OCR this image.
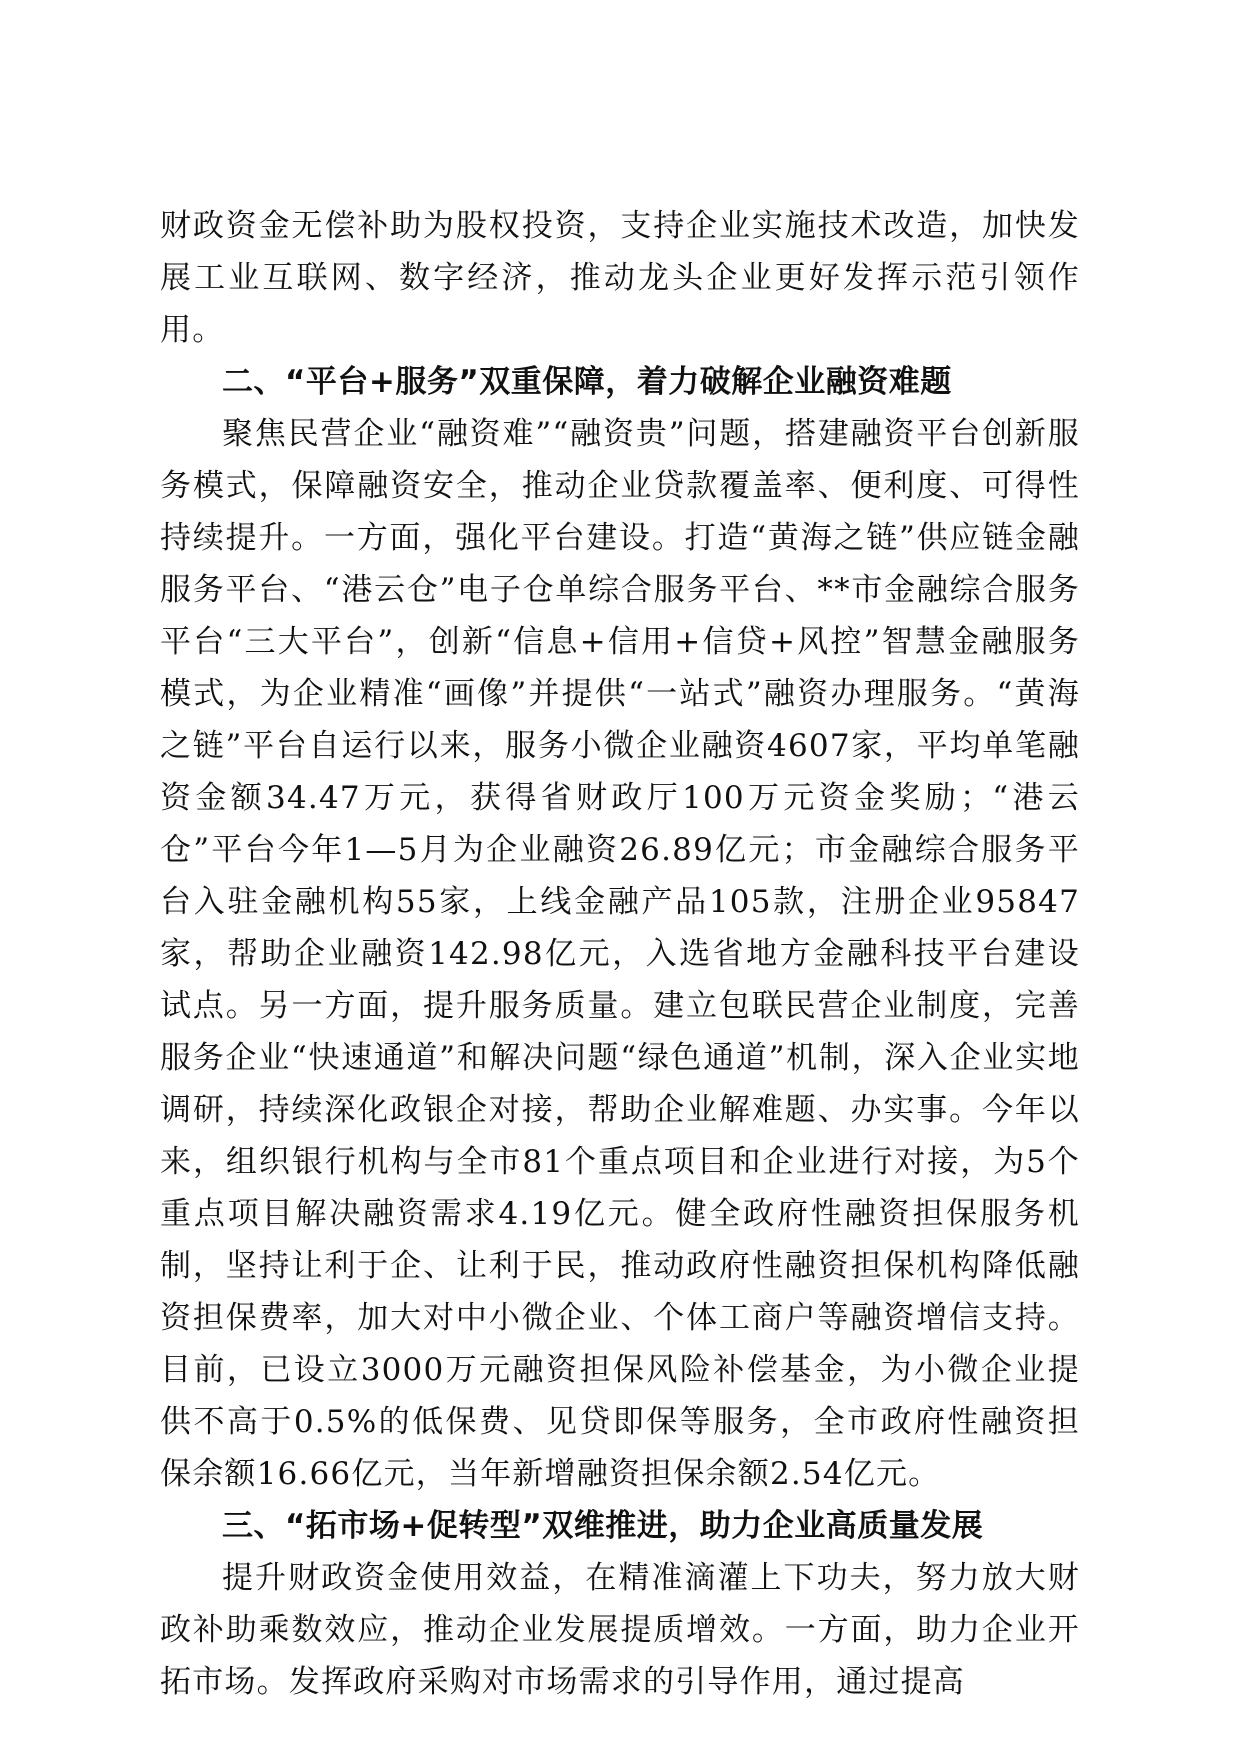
财政资金无偿补助为股权投资，支持企业实施技术改造，加快发展工业互联网、数字经济，推动龙头企业更好发挥示范引领作用。

二、“平台+服务”双重保障，着力破解企业融资难题

聚焦民营企业“融资难”“融资贵”问题，搭建融资平台创新服务模式，保障融资安全，推动企业贷款覆盖率、便利度、可得性持续提升。一方面，强化平台建设。打造“黄海之链”供应链金融服务平台、“港云仓”电子仓单综合服务平台、**市金融综合服务平台“三大平台”，创新“信息+信用+信贷+风控”智慧金融服务模式，为企业精准“画像”并提供“一站式”融资办理服务。“黄海之链”平台自运行以来，服务小微企业融资4607家，平均单笔融资金额34.47万元，获得省财政厅100万元资金奖励；“港云仓”平台今年1—5月为企业融资26.89亿元；市金融综合服务平台入驻金融机构55家，上线金融产品105款，注册企业95847家，帮助企业融资142.98亿元，入选省地方金融科技平台建设试点。另一方面，提升服务质量。建立包联民营企业制度，完善服务企业“快速通道”和解决问题“绿色通道”机制，深入企业实地调研，持续深化政银企对接，帮助企业解难题、办实事。今年以来，组织银行机构与全市81个重点项目和企业进行对接，为5个重点项目解决融资需求4.19亿元。健全政府性融资担保服务机制，坚持让利于企、让利于民，推动政府性融资担保机构降低融资担保费率，加大对中小微企业、个体工商户等融资增信支持。目前，已设立3000万元融资担保风险补偿基金，为小微企业提供不高于0.5%的低保费、见贷即保等服务，全市政府性融资担保余额16.66亿元，当年新增融资担保余额2.54亿元。

三、“拓市场+促转型”双维推进，助力企业高质量发展

提升财政资金使用效益，在精准滴灌上下功夫，努力放大财政补助乘数效应，推动企业发展提质增效。一方面，助力企业开拓市场。发挥政府采购对市场需求的引导作用，通过提高
